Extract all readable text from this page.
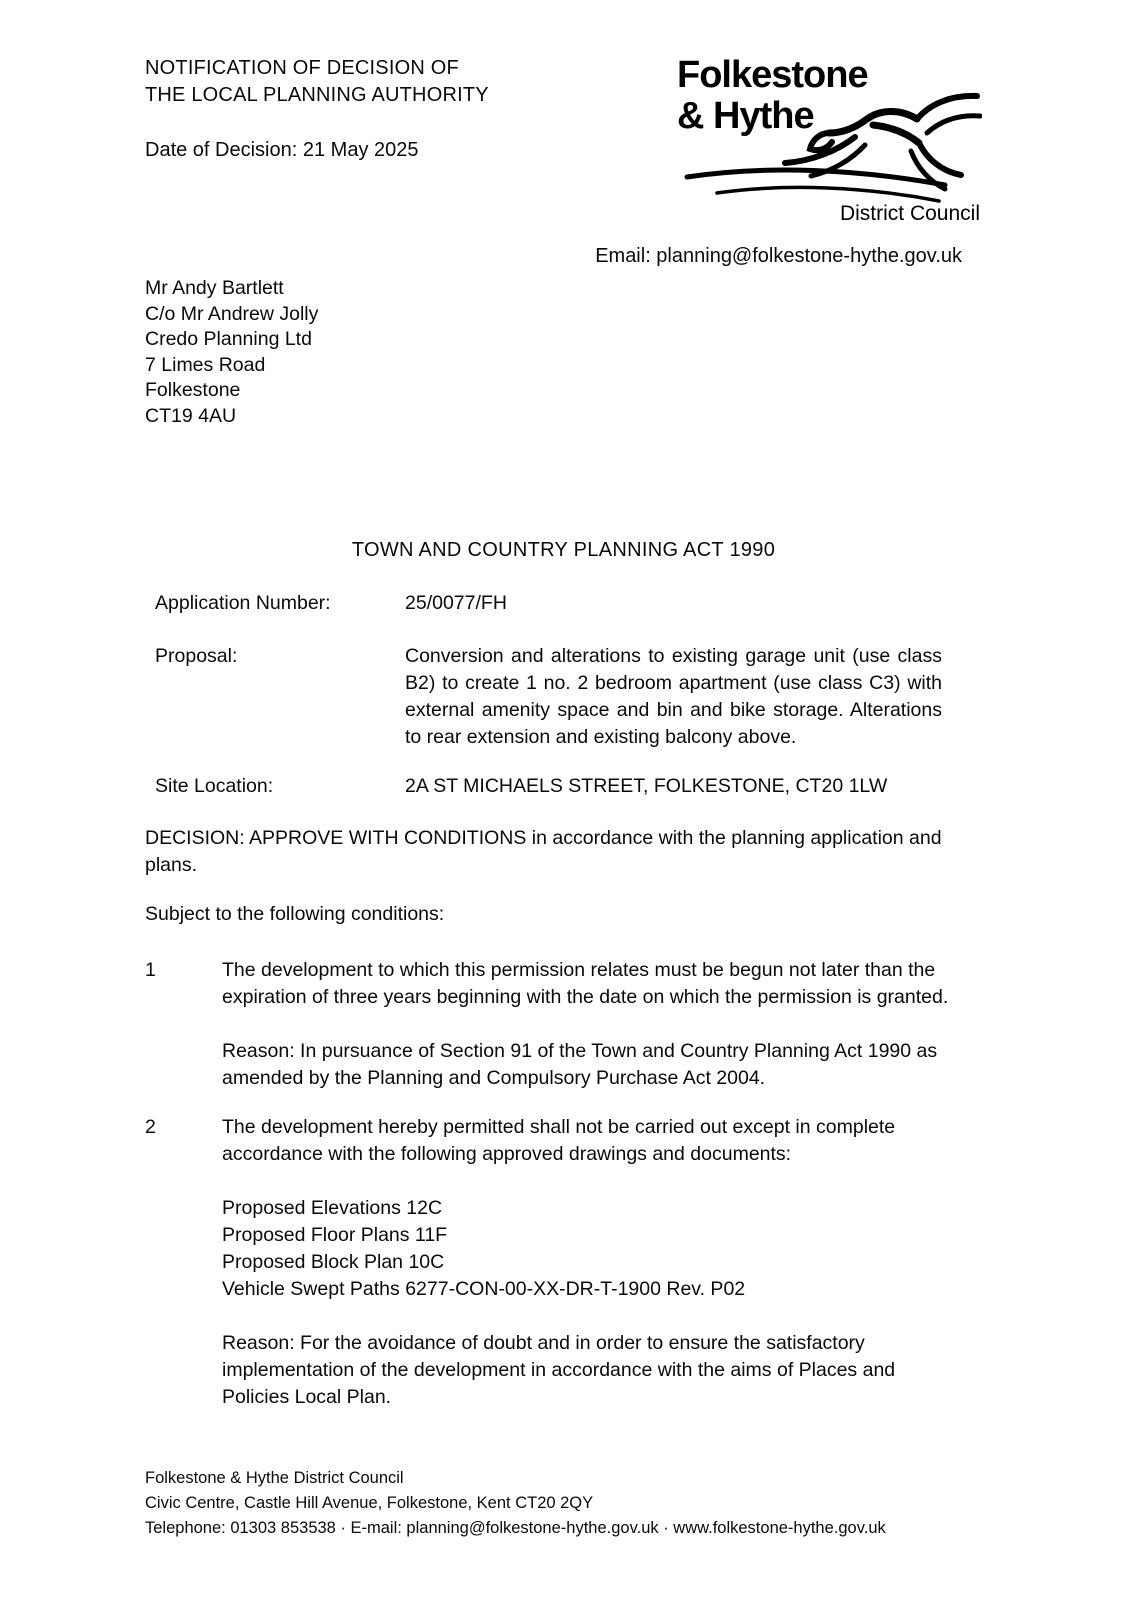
NOTIFICATION OF DECISION OF
THE LOCAL PLANNING AUTHORITY
Date of Decision: 21 May 2025
Folkestone
& Hythe
District Council
Email: planning@folkestone-hythe.gov.uk
Mr Andy Bartlett
C/o Mr Andrew Jolly
Credo Planning Ltd
7 Limes Road
Folkestone
CT19 4AU
TOWN AND COUNTRY PLANNING ACT 1990
Application Number:	25/0077/FH
Proposal:	Conversion and alterations to existing garage unit (use class B2) to create 1 no. 2 bedroom apartment (use class C3) with external amenity space and bin and bike storage. Alterations to rear extension and existing balcony above.
Site Location:	2A ST MICHAELS STREET, FOLKESTONE, CT20 1LW
DECISION: APPROVE WITH CONDITIONS in accordance with the planning application and plans.
Subject to the following conditions:
1	The development to which this permission relates must be begun not later than the expiration of three years beginning with the date on which the permission is granted.
Reason: In pursuance of Section 91 of the Town and Country Planning Act 1990 as amended by the Planning and Compulsory Purchase Act 2004.
2	The development hereby permitted shall not be carried out except in complete accordance with the following approved drawings and documents:
Proposed Elevations 12C
Proposed Floor Plans 11F
Proposed Block Plan 10C
Vehicle Swept Paths 6277-CON-00-XX-DR-T-1900 Rev. P02
Reason: For the avoidance of doubt and in order to ensure the satisfactory implementation of the development in accordance with the aims of Places and Policies Local Plan.
Folkestone & Hythe District Council
Civic Centre, Castle Hill Avenue, Folkestone, Kent CT20 2QY
Telephone: 01303 853538 · E-mail: planning@folkestone-hythe.gov.uk · www.folkestone-hythe.gov.uk
